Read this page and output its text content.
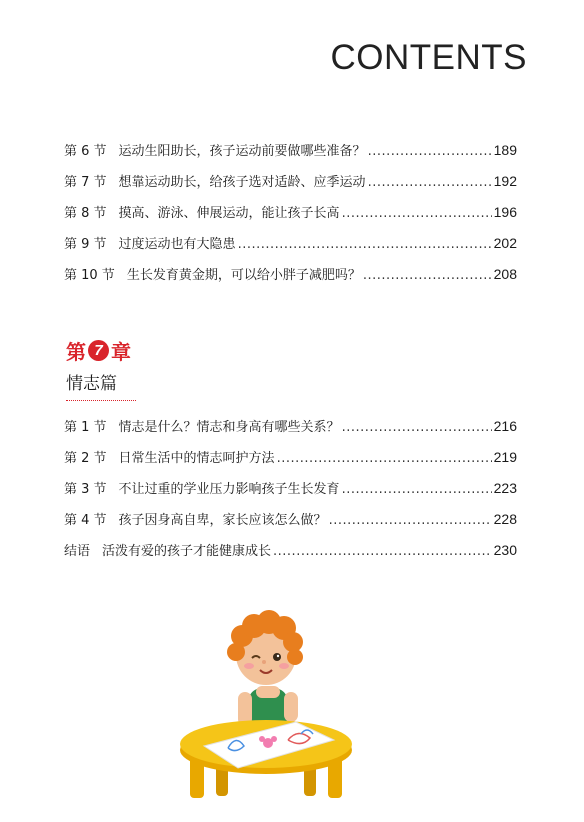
CONTENTS
第 6 节 运动生阳助长，孩子运动前要做哪些准备？ .....	189
第 7 节 想靠运动助长，给孩子选对适龄、应季运动 .....	192
第 8 节 摸高、游泳、伸展运动，能让孩子长高 .....	196
第 9 节 过度运动也有大隐患 .....	202
第 10 节 生长发育黄金期，可以给小胖子减肥吗？ .....	208
第 7 章
情志篇
第 1 节 情志是什么？情志和身高有哪些关系？ .....	216
第 2 节 日常生活中的情志呵护方法 .....	219
第 3 节 不让过重的学业压力影响孩子生长发育 .....	223
第 4 节 孩子因身高自卑，家长应该怎么做？ .....	228
结语 活泼有爱的孩子才能健康成长 .....	230
